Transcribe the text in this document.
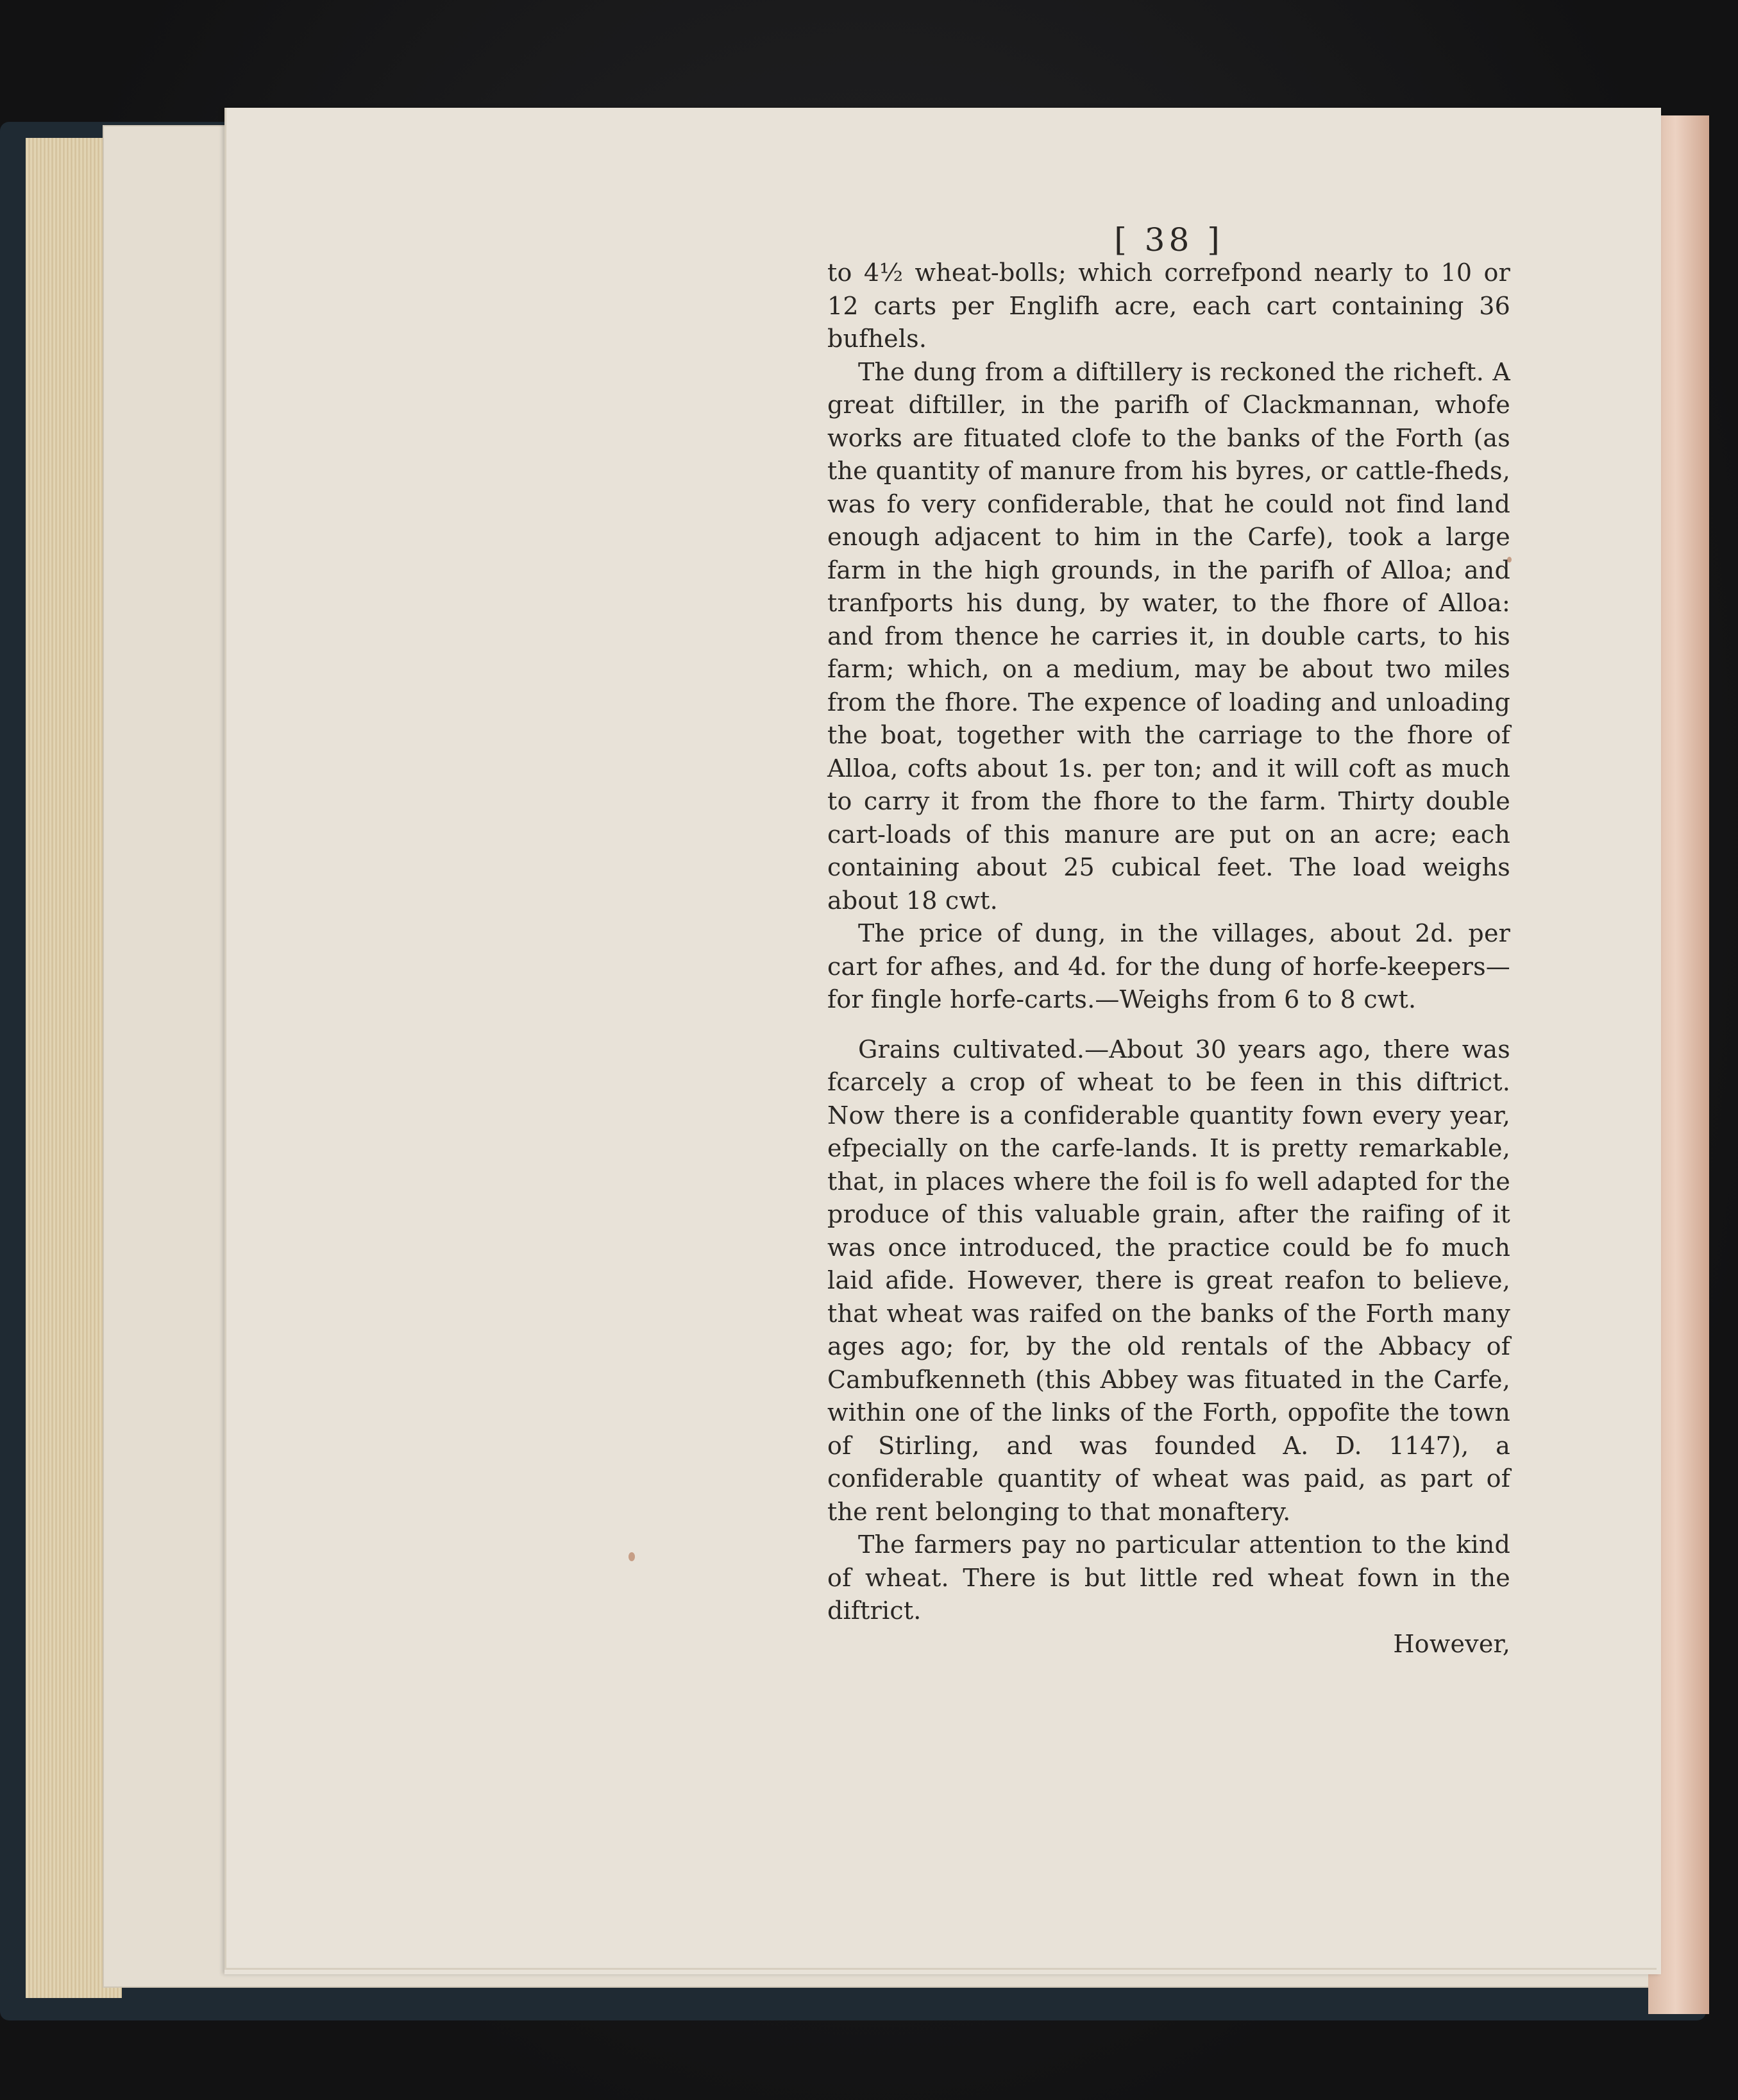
[ 38 ]

to 4½ wheat-bolls; which correfpond nearly to 10 or 12 carts per Englifh acre, each cart containing 36 bufhels.

The dung from a diftillery is reckoned the richeft. A great diftiller, in the parifh of Clackmannan, whofe works are fituated clofe to the banks of the Forth (as the quantity of manure from his byres, or cattle-fheds, was fo very confiderable, that he could not find land enough adjacent to him in the Carfe), took a large farm in the high grounds, in the parifh of Alloa; and tranfports his dung, by water, to the fhore of Alloa: and from thence he carries it, in double carts, to his farm; which, on a medium, may be about two miles from the fhore. The expence of loading and unloading the boat, together with the carriage to the fhore of Alloa, cofts about 1s. per ton; and it will coft as much to carry it from the fhore to the farm. Thirty double cart-loads of this manure are put on an acre; each containing about 25 cubical feet. The load weighs about 18 cwt.

The price of dung, in the villages, about 2d. per cart for afhes, and 4d. for the dung of horfe-keepers—for fingle horfe-carts.—Weighs from 6 to 8 cwt.

Grains cultivated.—About 30 years ago, there was fcarcely a crop of wheat to be feen in this diftrict. Now there is a confiderable quantity fown every year, efpecially on the carfe-lands. It is pretty remarkable, that, in places where the foil is fo well adapted for the produce of this valuable grain, after the raifing of it was once introduced, the practice could be fo much laid afide. However, there is great reafon to believe, that wheat was raifed on the banks of the Forth many ages ago; for, by the old rentals of the Abbacy of Cambufkenneth (this Abbey was fituated in the Carfe, within one of the links of the Forth, oppofite the town of Stirling, and was founded A. D. 1147), a confiderable quantity of wheat was paid, as part of the rent belonging to that monaftery.

The farmers pay no particular attention to the kind of wheat. There is but little red wheat fown in the diftrict.

However,
